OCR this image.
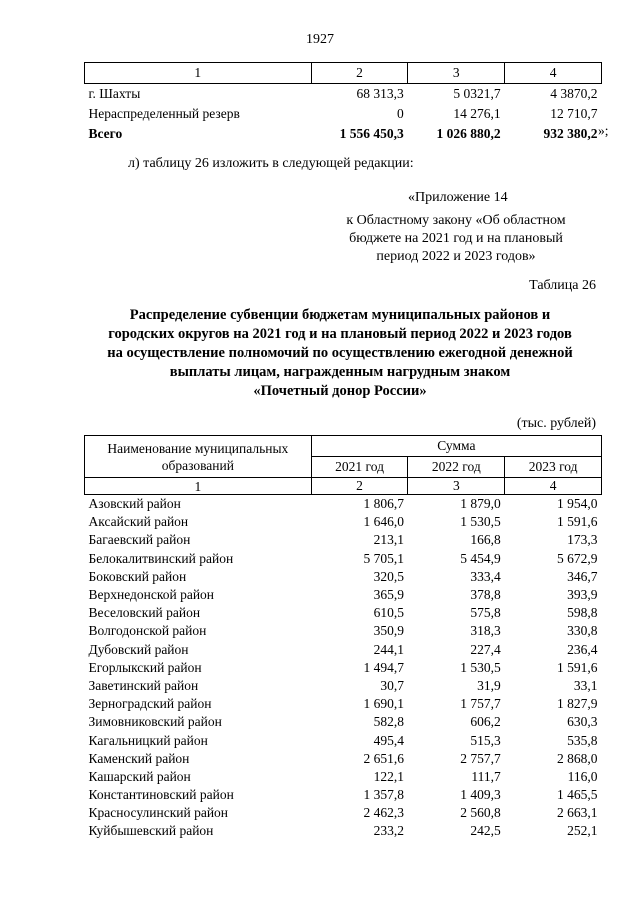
1927
1	2	3	4
г. Шахты	68 313,3	5 0321,7	4 3870,2
Нераспределенный резерв	0	14 276,1	12 710,7
Всего	1 556 450,3	1 026 880,2	932 380,2 »;
л) таблицу 26 изложить в следующей редакции:
«Приложение 14
к Областному закону «Об областном
бюджете на 2021 год и на плановый
период 2022 и 2023 годов»
Таблица 26
Распределение субвенции бюджетам муниципальных районов и
городских округов на 2021 год и на плановый период 2022 и 2023 годов
на осуществление полномочий по осуществлению ежегодной денежной
выплаты лицам, награжденным нагрудным знаком
«Почетный донор России»
(тыс. рублей)
Наименование муниципальных образований	Сумма		
	2021 год	2022 год	2023 год
1	2	3	4
Азовский район	1 806,7	1 879,0	1 954,0
Аксайский район	1 646,0	1 530,5	1 591,6
Багаевский район	213,1	166,8	173,3
Белокалитвинский район	5 705,1	5 454,9	5 672,9
Боковский район	320,5	333,4	346,7
Верхнедонской район	365,9	378,8	393,9
Веселовский район	610,5	575,8	598,8
Волгодонской район	350,9	318,3	330,8
Дубовский район	244,1	227,4	236,4
Егорлыкский район	1 494,7	1 530,5	1 591,6
Заветинский район	30,7	31,9	33,1
Зерноградский район	1 690,1	1 757,7	1 827,9
Зимовниковский район	582,8	606,2	630,3
Кагальницкий район	495,4	515,3	535,8
Каменский район	2 651,6	2 757,7	2 868,0
Кашарский район	122,1	111,7	116,0
Константиновский район	1 357,8	1 409,3	1 465,5
Красносулинский район	2 462,3	2 560,8	2 663,1
Куйбышевский район	233,2	242,5	252,1
